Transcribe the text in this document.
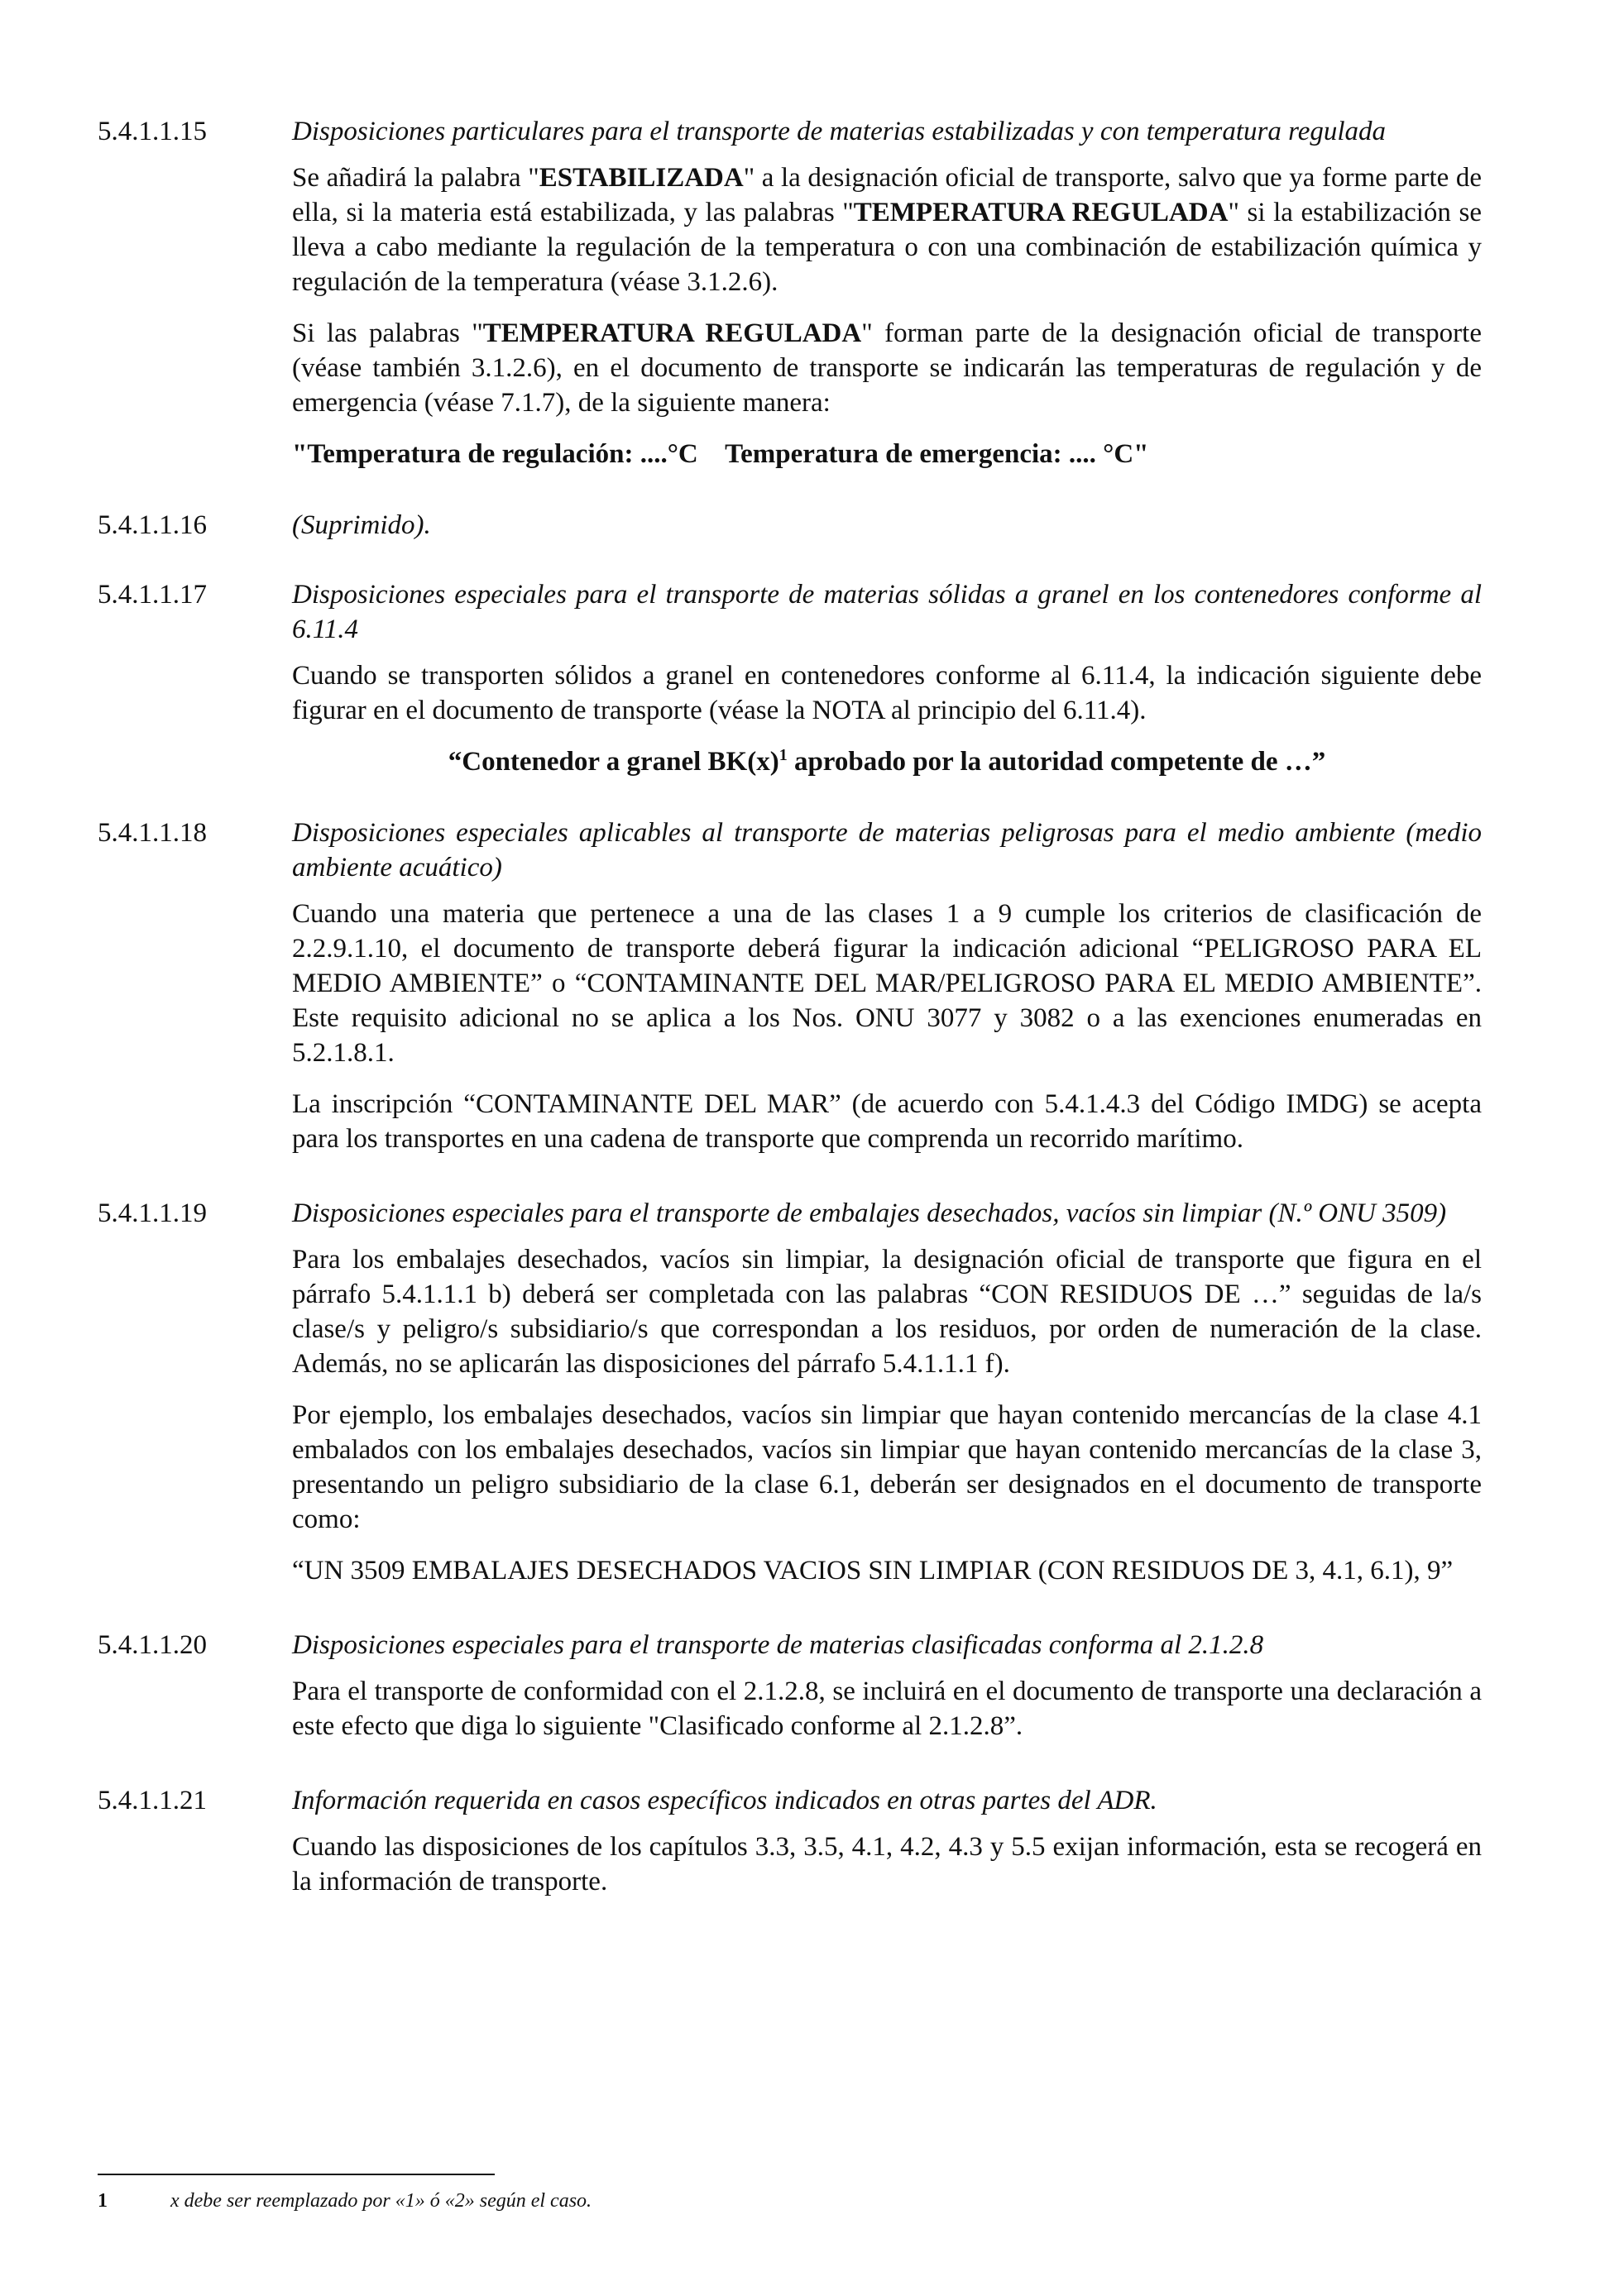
5.4.1.1.15	Disposiciones particulares para el transporte de materias estabilizadas y con temperatura regulada

Se añadirá la palabra "ESTABILIZADA" a la designación oficial de transporte, salvo que ya forme parte de ella, si la materia está estabilizada, y las palabras "TEMPERATURA REGULADA" si la estabilización se lleva a cabo mediante la regulación de la temperatura o con una combinación de estabilización química y regulación de la temperatura (véase 3.1.2.6).

Si las palabras "TEMPERATURA REGULADA" forman parte de la designación oficial de transporte (véase también 3.1.2.6), en el documento de transporte se indicarán las temperaturas de regulación y de emergencia (véase 7.1.7), de la siguiente manera:

"Temperatura de regulación: ....°C    Temperatura de emergencia: .... °C"

5.4.1.1.16	(Suprimido).

5.4.1.1.17	Disposiciones especiales para el transporte de materias sólidas a granel en los contenedores conforme al 6.11.4

Cuando se transporten sólidos a granel en contenedores conforme al 6.11.4, la indicación siguiente debe figurar en el documento de transporte (véase la NOTA al principio del 6.11.4).

“Contenedor a granel $BK(x)^1$ aprobado por la autoridad competente de …”

5.4.1.1.18	Disposiciones especiales aplicables al transporte de materias peligrosas para el medio ambiente (medio ambiente acuático)

Cuando una materia que pertenece a una de las clases 1 a 9 cumple los criterios de clasificación de 2.2.9.1.10, el documento de transporte deberá figurar la indicación adicional “PELIGROSO PARA EL MEDIO AMBIENTE” o “CONTAMINANTE DEL MAR/PELIGROSO PARA EL MEDIO AMBIENTE”. Este requisito adicional no se aplica a los Nos. ONU 3077 y 3082 o a las exenciones enumeradas en 5.2.1.8.1.

La inscripción “CONTAMINANTE DEL MAR” (de acuerdo con 5.4.1.4.3 del Código IMDG) se acepta para los transportes en una cadena de transporte que comprenda un recorrido marítimo.

5.4.1.1.19	Disposiciones especiales para el transporte de embalajes desechados, vacíos sin limpiar (N.º ONU 3509)

Para los embalajes desechados, vacíos sin limpiar, la designación oficial de transporte que figura en el párrafo 5.4.1.1.1 b) deberá ser completada con las palabras “CON RESIDUOS DE …” seguidas de la/s clase/s y peligro/s subsidiario/s que correspondan a los residuos, por orden de numeración de la clase. Además, no se aplicarán las disposiciones del párrafo 5.4.1.1.1 f).

Por ejemplo, los embalajes desechados, vacíos sin limpiar que hayan contenido mercancías de la clase 4.1 embalados con los embalajes desechados, vacíos sin limpiar que hayan contenido mercancías de la clase 3, presentando un peligro subsidiario de la clase 6.1, deberán ser designados en el documento de transporte como:

“UN 3509 EMBALAJES DESECHADOS VACIOS SIN LIMPIAR (CON RESIDUOS DE 3, 4.1, 6.1), 9”

5.4.1.1.20	Disposiciones especiales para el transporte de materias clasificadas conforma al 2.1.2.8

Para el transporte de conformidad con el 2.1.2.8, se incluirá en el documento de transporte una declaración a este efecto que diga lo siguiente "Clasificado conforme al 2.1.2.8”.

5.4.1.1.21	Información requerida en casos específicos indicados en otras partes del ADR.

Cuando las disposiciones de los capítulos 3.3, 3.5, 4.1, 4.2, 4.3 y 5.5 exijan información, esta se recogerá en la información de transporte.

1	x debe ser reemplazado por «1» ó «2» según el caso.
